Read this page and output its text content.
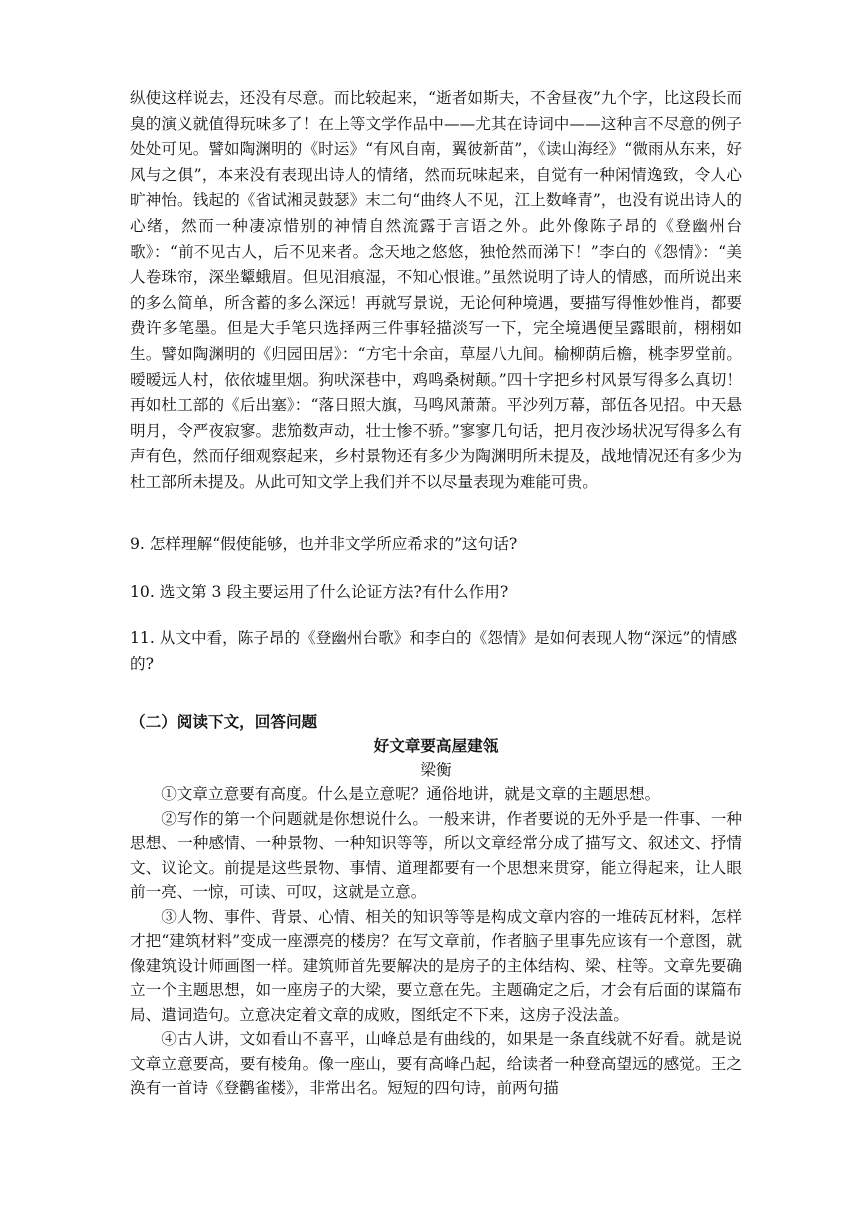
纵使这样说去，还没有尽意。而比较起来，“逝者如斯夫，不舍昼夜”九个字，比这段长而臭的演义就值得玩味多了！在上等文学作品中——尤其在诗词中——这种言不尽意的例子处处可见。譬如陶渊明的《时运》“有风自南，翼彼新苗”，《读山海经》“微雨从东来，好风与之俱”，本来没有表现出诗人的情绪，然而玩味起来，自觉有一种闲情逸致，令人心旷神怡。钱起的《省试湘灵鼓瑟》末二句“曲终人不见，江上数峰青”，也没有说出诗人的心绪，然而一种凄凉惜别的神情自然流露于言语之外。此外像陈子昂的《登幽州台歌》：“前不见古人，后不见来者。念天地之悠悠，独怆然而涕下！”李白的《怨情》：“美人卷珠帘，深坐颦蛾眉。但见泪痕湿，不知心恨谁。”虽然说明了诗人的情感，而所说出来的多么简单，所含蓄的多么深远！再就写景说，无论何种境遇，要描写得惟妙惟肖，都要费许多笔墨。但是大手笔只选择两三件事轻描淡写一下，完全境遇便呈露眼前，栩栩如生。譬如陶渊明的《归园田居》：“方宅十余亩，草屋八九间。榆柳荫后檐，桃李罗堂前。暧暧远人村，依依墟里烟。狗吠深巷中，鸡鸣桑树颠。”四十字把乡村风景写得多么真切！再如杜工部的《后出塞》：“落日照大旗，马鸣风萧萧。平沙列万幕，部伍各见招。中天悬明月，令严夜寂寥。悲笳数声动，壮士惨不骄。”寥寥几句话，把月夜沙场状况写得多么有声有色，然而仔细观察起来，乡村景物还有多少为陶渊明所未提及，战地情况还有多少为杜工部所未提及。从此可知文学上我们并不以尽量表现为难能可贵。
9. 怎样理解“假使能够，也并非文学所应希求的”这句话?
10. 选文第 3 段主要运用了什么论证方法?有什么作用?
11. 从文中看，陈子昂的《登幽州台歌》和李白的《怨情》是如何表现人物“深远”的情感的?
（二）阅读下文，回答问题
好文章要高屋建瓴
梁衡

①文章立意要有高度。什么是立意呢？通俗地讲，就是文章的主题思想。

②写作的第一个问题就是你想说什么。一般来讲，作者要说的无外乎是一件事、一种思想、一种感情、一种景物、一种知识等等，所以文章经常分成了描写文、叙述文、抒情文、议论文。前提是这些景物、事情、道理都要有一个思想来贯穿，能立得起来，让人眼前一亮、一惊，可读、可叹，这就是立意。

③人物、事件、背景、心情、相关的知识等等是构成文章内容的一堆砖瓦材料，怎样才把“建筑材料”变成一座漂亮的楼房？在写文章前，作者脑子里事先应该有一个意图，就像建筑设计师画图一样。建筑师首先要解决的是房子的主体结构、梁、柱等。文章先要确立一个主题思想，如一座房子的大梁，要立意在先。主题确定之后，才会有后面的谋篇布局、遣词造句。立意决定着文章的成败，图纸定不下来，这房子没法盖。

④古人讲，文如看山不喜平，山峰总是有曲线的，如果是一条直线就不好看。就是说文章立意要高，要有棱角。像一座山，要有高峰凸起，给读者一种登高望远的感觉。王之涣有一首诗《登鹳雀楼》，非常出名。短短的四句诗，前两句描
